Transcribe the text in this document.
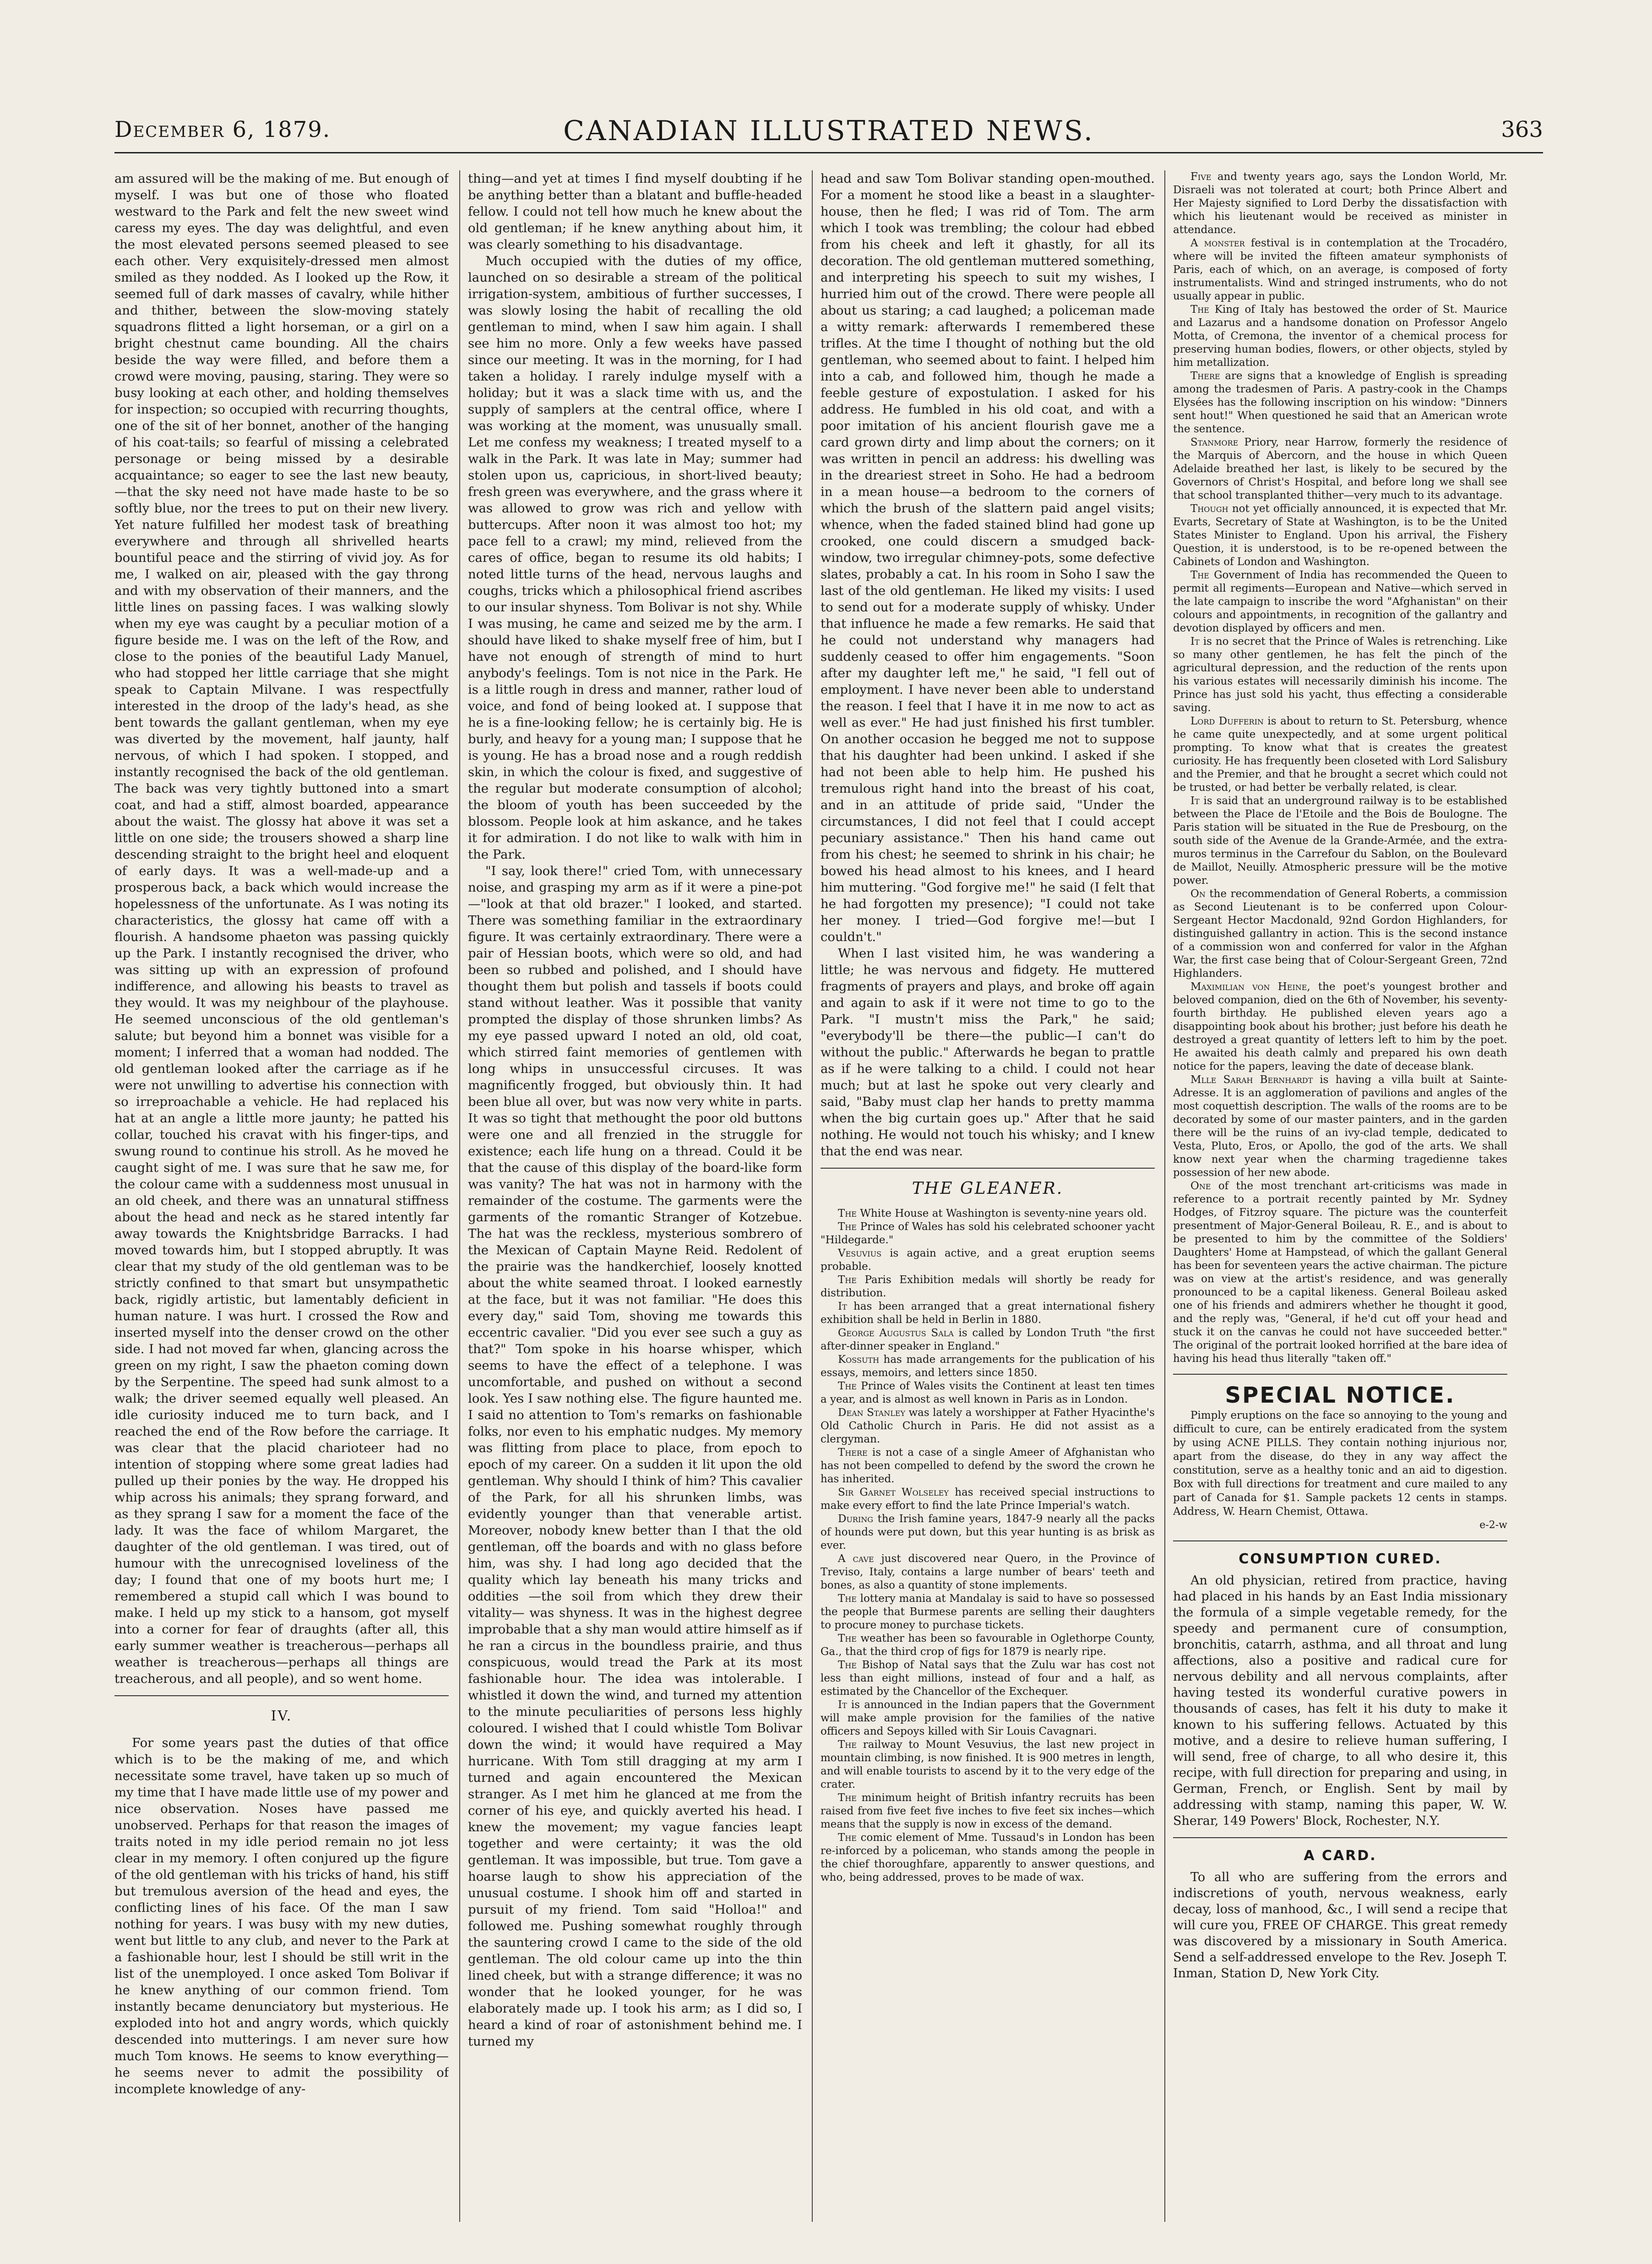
December 6, 1879.	CANADIAN ILLUSTRATED NEWS.	363

am assured will be the making of me. But enough of myself. I was but one of those who floated westward to the Park and felt the new sweet wind caress my eyes. The day was delightful, and even the most elevated persons seemed pleased to see each other. Very exquisitely-dressed men almost smiled as they nodded. As I looked up the Row, it seemed full of dark masses of cavalry, while hither and thither, between the slow-moving stately squadrons flitted a light horseman, or a girl on a bright chestnut came bounding. All the chairs beside the way were filled, and before them a crowd were moving, pausing, staring. They were so busy looking at each other, and holding themselves for inspection; so occupied with recurring thoughts, one of the sit of her bonnet, another of the hanging of his coat-tails; so fearful of missing a celebrated personage or being missed by a desirable acquaintance; so eager to see the last new beauty,—that the sky need not have made haste to be so softly blue, nor the trees to put on their new livery. Yet nature fulfilled her modest task of breathing everywhere and through all shrivelled hearts bountiful peace and the stirring of vivid joy. As for me, I walked on air, pleased with the gay throng and with my observation of their manners, and the little lines on passing faces. I was walking slowly when my eye was caught by a peculiar motion of a figure beside me. I was on the left of the Row, and close to the ponies of the beautiful Lady Manuel, who had stopped her little carriage that she might speak to Captain Milvane. I was respectfully interested in the droop of the lady's head, as she bent towards the gallant gentleman, when my eye was diverted by the movement, half jaunty, half nervous, of which I had spoken. I stopped, and instantly recognised the back of the old gentleman. The back was very tightly buttoned into a smart coat, and had a stiff, almost boarded, appearance about the waist. The glossy hat above it was set a little on one side; the trousers showed a sharp line descending straight to the bright heel and eloquent of early days. It was a well-made-up and a prosperous back, a back which would increase the hopelessness of the unfortunate. As I was noting its characteristics, the glossy hat came off with a flourish. A handsome phaeton was passing quickly up the Park. I instantly recognised the driver, who was sitting up with an expression of profound indifference, and allowing his beasts to travel as they would. It was my neighbour of the playhouse. He seemed unconscious of the old gentleman's salute; but beyond him a bonnet was visible for a moment; I inferred that a woman had nodded. The old gentleman looked after the carriage as if he were not unwilling to advertise his connection with so irreproachable a vehicle. He had replaced his hat at an angle a little more jaunty; he patted his collar, touched his cravat with his finger-tips, and swung round to continue his stroll. As he moved he caught sight of me. I was sure that he saw me, for the colour came with a suddenness most unusual in an old cheek, and there was an unnatural stiffness about the head and neck as he stared intently far away towards the Knightsbridge Barracks. I had moved towards him, but I stopped abruptly. It was clear that my study of the old gentleman was to be strictly confined to that smart but unsympathetic back, rigidly artistic, but lamentably deficient in human nature. I was hurt. I crossed the Row and inserted myself into the denser crowd on the other side. I had not moved far when, glancing across the green on my right, I saw the phaeton coming down by the Serpentine. The speed had sunk almost to a walk; the driver seemed equally well pleased. An idle curiosity induced me to turn back, and I reached the end of the Row before the carriage. It was clear that the placid charioteer had no intention of stopping where some great ladies had pulled up their ponies by the way. He dropped his whip across his animals; they sprang forward, and as they sprang I saw for a moment the face of the lady. It was the face of whilom Margaret, the daughter of the old gentleman. I was tired, out of humour with the unrecognised loveliness of the day; I found that one of my boots hurt me; I remembered a stupid call which I was bound to make. I held up my stick to a hansom, got myself into a corner for fear of draughts (after all, this early summer weather is treacherous—perhaps all weather is treacherous—perhaps all things are treacherous, and all people), and so went home.

IV.

For some years past the duties of that office which is to be the making of me, and which necessitate some travel, have taken up so much of my time that I have made little use of my power and nice observation. Noses have passed me unobserved. Perhaps for that reason the images of traits noted in my idle period remain no jot less clear in my memory. I often conjured up the figure of the old gentleman with his tricks of hand, his stiff but tremulous aversion of the head and eyes, the conflicting lines of his face. Of the man I saw nothing for years. I was busy with my new duties, went but little to any club, and never to the Park at a fashionable hour, lest I should be still writ in the list of the unemployed. I once asked Tom Bolivar if he knew anything of our common friend. Tom instantly became denunciatory but mysterious. He exploded into hot and angry words, which quickly descended into mutterings. I am never sure how much Tom knows. He seems to know everything—he seems never to admit the possibility of incomplete knowledge of any-

thing—and yet at times I find myself doubting if he be anything better than a blatant and buffle-headed fellow. I could not tell how much he knew about the old gentleman; if he knew anything about him, it was clearly something to his disadvantage.

Much occupied with the duties of my office, launched on so desirable a stream of the political irrigation-system, ambitious of further successes, I was slowly losing the habit of recalling the old gentleman to mind, when I saw him again. I shall see him no more. Only a few weeks have passed since our meeting. It was in the morning, for I had taken a holiday. I rarely indulge myself with a holiday; but it was a slack time with us, and the supply of samplers at the central office, where I was working at the moment, was unusually small. Let me confess my weakness; I treated myself to a walk in the Park. It was late in May; summer had stolen upon us, capricious, in short-lived beauty; fresh green was everywhere, and the grass where it was allowed to grow was rich and yellow with buttercups. After noon it was almost too hot; my pace fell to a crawl; my mind, relieved from the cares of office, began to resume its old habits; I noted little turns of the head, nervous laughs and coughs, tricks which a philosophical friend ascribes to our insular shyness. Tom Bolivar is not shy. While I was musing, he came and seized me by the arm. I should have liked to shake myself free of him, but I have not enough of strength of mind to hurt anybody's feelings. Tom is not nice in the Park. He is a little rough in dress and manner, rather loud of voice, and fond of being looked at. I suppose that he is a fine-looking fellow; he is certainly big. He is burly, and heavy for a young man; I suppose that he is young. He has a broad nose and a rough reddish skin, in which the colour is fixed, and suggestive of the regular but moderate consumption of alcohol; the bloom of youth has been succeeded by the blossom. People look at him askance, and he takes it for admiration. I do not like to walk with him in the Park.

"I say, look there!" cried Tom, with unnecessary noise, and grasping my arm as if it were a pine-pot—"look at that old brazer." I looked, and started. There was something familiar in the extraordinary figure. It was certainly extraordinary. There were a pair of Hessian boots, which were so old, and had been so rubbed and polished, and I should have thought them but polish and tassels if boots could stand without leather. Was it possible that vanity prompted the display of those shrunken limbs? As my eye passed upward I noted an old, old coat, which stirred faint memories of gentlemen with long whips in unsuccessful circuses. It was magnificently frogged, but obviously thin. It had been blue all over, but was now very white in parts. It was so tight that methought the poor old buttons were one and all frenzied in the struggle for existence; each life hung on a thread. Could it be that the cause of this display of the board-like form was vanity? The hat was not in harmony with the remainder of the costume. The garments were the garments of the romantic Stranger of Kotzebue. The hat was the reckless, mysterious sombrero of the Mexican of Captain Mayne Reid. Redolent of the prairie was the handkerchief, loosely knotted about the white seamed throat. I looked earnestly at the face, but it was not familiar. "He does this every day," said Tom, shoving me towards this eccentric cavalier. "Did you ever see such a guy as that?" Tom spoke in his hoarse whisper, which seems to have the effect of a telephone. I was uncomfortable, and pushed on without a second look. Yes I saw nothing else. The figure haunted me. I said no attention to Tom's remarks on fashionable folks, nor even to his emphatic nudges. My memory was flitting from place to place, from epoch to epoch of my career. On a sudden it lit upon the old gentleman. Why should I think of him? This cavalier of the Park, for all his shrunken limbs, was evidently younger than that venerable artist. Moreover, nobody knew better than I that the old gentleman, off the boards and with no glass before him, was shy. I had long ago decided that the quality which lay beneath his many tricks and oddities —the soil from which they drew their vitality— was shyness. It was in the highest degree improbable that a shy man would attire himself as if he ran a circus in the boundless prairie, and thus conspicuous, would tread the Park at its most fashionable hour. The idea was intolerable. I whistled it down the wind, and turned my attention to the minute peculiarities of persons less highly coloured. I wished that I could whistle Tom Bolivar down the wind; it would have required a May hurricane. With Tom still dragging at my arm I turned and again encountered the Mexican stranger. As I met him he glanced at me from the corner of his eye, and quickly averted his head. I knew the movement; my vague fancies leapt together and were certainty; it was the old gentleman. It was impossible, but true. Tom gave a hoarse laugh to show his appreciation of the unusual costume. I shook him off and started in pursuit of my friend. Tom said "Holloa!" and followed me. Pushing somewhat roughly through the sauntering crowd I came to the side of the old gentleman. The old colour came up into the thin lined cheek, but with a strange difference; it was no wonder that he looked younger, for he was elaborately made up. I took his arm; as I did so, I heard a kind of roar of astonishment behind me. I turned my

head and saw Tom Bolivar standing open-mouthed. For a moment he stood like a beast in a slaughter-house, then he fled; I was rid of Tom. The arm which I took was trembling; the colour had ebbed from his cheek and left it ghastly, for all its decoration. The old gentleman muttered something, and interpreting his speech to suit my wishes, I hurried him out of the crowd. There were people all about us staring; a cad laughed; a policeman made a witty remark: afterwards I remembered these trifles. At the time I thought of nothing but the old gentleman, who seemed about to faint. I helped him into a cab, and followed him, though he made a feeble gesture of expostulation. I asked for his address. He fumbled in his old coat, and with a poor imitation of his ancient flourish gave me a card grown dirty and limp about the corners; on it was written in pencil an address: his dwelling was in the dreariest street in Soho. He had a bedroom in a mean house—a bedroom to the corners of which the brush of the slattern paid angel visits; whence, when the faded stained blind had gone up crooked, one could discern a smudged back-window, two irregular chimney-pots, some defective slates, probably a cat. In his room in Soho I saw the last of the old gentleman. He liked my visits: I used to send out for a moderate supply of whisky. Under that influence he made a few remarks. He said that he could not understand why managers had suddenly ceased to offer him engagements. "Soon after my daughter left me," he said, "I fell out of employment. I have never been able to understand the reason. I feel that I have it in me now to act as well as ever." He had just finished his first tumbler. On another occasion he begged me not to suppose that his daughter had been unkind. I asked if she had not been able to help him. He pushed his tremulous right hand into the breast of his coat, and in an attitude of pride said, "Under the circumstances, I did not feel that I could accept pecuniary assistance." Then his hand came out from his chest; he seemed to shrink in his chair; he bowed his head almost to his knees, and I heard him muttering. "God forgive me!" he said (I felt that he had forgotten my presence); "I could not take her money. I tried—God forgive me!—but I couldn't."

When I last visited him, he was wandering a little; he was nervous and fidgety. He muttered fragments of prayers and plays, and broke off again and again to ask if it were not time to go to the Park. "I mustn't miss the Park," he said; "everybody'll be there—the public—I can't do without the public." Afterwards he began to prattle as if he were talking to a child. I could not hear much; but at last he spoke out very clearly and said, "Baby must clap her hands to pretty mamma when the big curtain goes up." After that he said nothing. He would not touch his whisky; and I knew that the end was near.

THE GLEANER.

The White House at Washington is seventy-nine years old.

The Prince of Wales has sold his celebrated schooner yacht "Hildegarde."

Vesuvius is again active, and a great eruption seems probable.

The Paris Exhibition medals will shortly be ready for distribution.

It has been arranged that a great international fishery exhibition shall be held in Berlin in 1880.

George Augustus Sala is called by London Truth "the first after-dinner speaker in England."

Kossuth has made arrangements for the publication of his essays, memoirs, and letters since 1850.

The Prince of Wales visits the Continent at least ten times a year, and is almost as well known in Paris as in London.

Dean Stanley was lately a worshipper at Father Hyacinthe's Old Catholic Church in Paris. He did not assist as a clergyman.

There is not a case of a single Ameer of Afghanistan who has not been compelled to defend by the sword the crown he has inherited.

Sir Garnet Wolseley has received special instructions to make every effort to find the late Prince Imperial's watch.

During the Irish famine years, 1847-9 nearly all the packs of hounds were put down, but this year hunting is as brisk as ever.

A cave just discovered near Quero, in the Province of Treviso, Italy, contains a large number of bears' teeth and bones, as also a quantity of stone implements.

The lottery mania at Mandalay is said to have so possessed the people that Burmese parents are selling their daughters to procure money to purchase tickets.

The weather has been so favourable in Oglethorpe County, Ga., that the third crop of figs for 1879 is nearly ripe.

The Bishop of Natal says that the Zulu war has cost not less than eight millions, instead of four and a half, as estimated by the Chancellor of the Exchequer.

It is announced in the Indian papers that the Government will make ample provision for the families of the native officers and Sepoys killed with Sir Louis Cavagnari.

The railway to Mount Vesuvius, the last new project in mountain climbing, is now finished. It is 900 metres in length, and will enable tourists to ascend by it to the very edge of the crater.

The minimum height of British infantry recruits has been raised from five feet five inches to five feet six inches—which means that the supply is now in excess of the demand.

The comic element of Mme. Tussaud's in London has been re-inforced by a policeman, who stands among the people in the chief thoroughfare, apparently to answer questions, and who, being addressed, proves to be made of wax.

Five and twenty years ago, says the London World, Mr. Disraeli was not tolerated at court; both Prince Albert and Her Majesty signified to Lord Derby the dissatisfaction with which his lieutenant would be received as minister in attendance.

A monster festival is in contemplation at the Trocadéro, where will be invited the fifteen amateur symphonists of Paris, each of which, on an average, is composed of forty instrumentalists. Wind and stringed instruments, who do not usually appear in public.

The King of Italy has bestowed the order of St. Maurice and Lazarus and a handsome donation on Professor Angelo Motta, of Cremona, the inventor of a chemical process for preserving human bodies, flowers, or other objects, styled by him metallization.

There are signs that a knowledge of English is spreading among the tradesmen of Paris. A pastry-cook in the Champs Elysées has the following inscription on his window: "Dinners sent hout!" When questioned he said that an American wrote the sentence.

Stanmore Priory, near Harrow, formerly the residence of the Marquis of Abercorn, and the house in which Queen Adelaide breathed her last, is likely to be secured by the Governors of Christ's Hospital, and before long we shall see that school transplanted thither—very much to its advantage.

Though not yet officially announced, it is expected that Mr. Evarts, Secretary of State at Washington, is to be the United States Minister to England. Upon his arrival, the Fishery Question, it is understood, is to be re-opened between the Cabinets of London and Washington.

The Government of India has recommended the Queen to permit all regiments—European and Native—which served in the late campaign to inscribe the word "Afghanistan" on their colours and appointments, in recognition of the gallantry and devotion displayed by officers and men.

It is no secret that the Prince of Wales is retrenching. Like so many other gentlemen, he has felt the pinch of the agricultural depression, and the reduction of the rents upon his various estates will necessarily diminish his income. The Prince has just sold his yacht, thus effecting a considerable saving.

Lord Dufferin is about to return to St. Petersburg, whence he came quite unexpectedly, and at some urgent political prompting. To know what that is creates the greatest curiosity. He has frequently been closeted with Lord Salisbury and the Premier, and that he brought a secret which could not be trusted, or had better be verbally related, is clear.

It is said that an underground railway is to be established between the Place de l'Etoile and the Bois de Boulogne. The Paris station will be situated in the Rue de Presbourg, on the south side of the Avenue de la Grande-Armée, and the extra-muros terminus in the Carrefour du Sablon, on the Boulevard de Maillot, Neuilly. Atmospheric pressure will be the motive power.

On the recommendation of General Roberts, a commission as Second Lieutenant is to be conferred upon Colour-Sergeant Hector Macdonald, 92nd Gordon Highlanders, for distinguished gallantry in action. This is the second instance of a commission won and conferred for valor in the Afghan War, the first case being that of Colour-Sergeant Green, 72nd Highlanders.

Maximilian von Heine, the poet's youngest brother and beloved companion, died on the 6th of November, his seventy-fourth birthday. He published eleven years ago a disappointing book about his brother; just before his death he destroyed a great quantity of letters left to him by the poet. He awaited his death calmly and prepared his own death notice for the papers, leaving the date of decease blank.

Mlle Sarah Bernhardt is having a villa built at Sainte-Adresse. It is an agglomeration of pavilions and angles of the most coquettish description. The walls of the rooms are to be decorated by some of our master painters, and in the garden there will be the ruins of an ivy-clad temple, dedicated to Vesta, Pluto, Eros, or Apollo, the god of the arts. We shall know next year when the charming tragedienne takes possession of her new abode.

One of the most trenchant art-criticisms was made in reference to a portrait recently painted by Mr. Sydney Hodges, of Fitzroy square. The picture was the counterfeit presentment of Major-General Boileau, R. E., and is about to be presented to him by the committee of the Soldiers' Daughters' Home at Hampstead, of which the gallant General has been for seventeen years the active chairman. The picture was on view at the artist's residence, and was generally pronounced to be a capital likeness. General Boileau asked one of his friends and admirers whether he thought it good, and the reply was, "General, if he'd cut off your head and stuck it on the canvas he could not have succeeded better." The original of the portrait looked horrified at the bare idea of having his head thus literally "taken off."

SPECIAL NOTICE.

Pimply eruptions on the face so annoying to the young and difficult to cure, can be entirely eradicated from the system by using ACNE PILLS. They contain nothing injurious nor, apart from the disease, do they in any way affect the constitution, serve as a healthy tonic and an aid to digestion. Box with full directions for treatment and cure mailed to any part of Canada for $1. Sample packets 12 cents in stamps. Address, W. Hearn Chemist, Ottawa.

e-2-w
CONSUMPTION CURED.

An old physician, retired from practice, having had placed in his hands by an East India missionary the formula of a simple vegetable remedy, for the speedy and permanent cure of consumption, bronchitis, catarrh, asthma, and all throat and lung affections, also a positive and radical cure for nervous debility and all nervous complaints, after having tested its wonderful curative powers in thousands of cases, has felt it his duty to make it known to his suffering fellows. Actuated by this motive, and a desire to relieve human suffering, I will send, free of charge, to all who desire it, this recipe, with full direction for preparing and using, in German, French, or English. Sent by mail by addressing with stamp, naming this paper, W. W. Sherar, 149 Powers' Block, Rochester, N.Y.

A CARD.

To all who are suffering from the errors and indiscretions of youth, nervous weakness, early decay, loss of manhood, &c., I will send a recipe that will cure you, FREE OF CHARGE. This great remedy was discovered by a missionary in South America. Send a self-addressed envelope to the Rev. Joseph T. Inman, Station D, New York City.
